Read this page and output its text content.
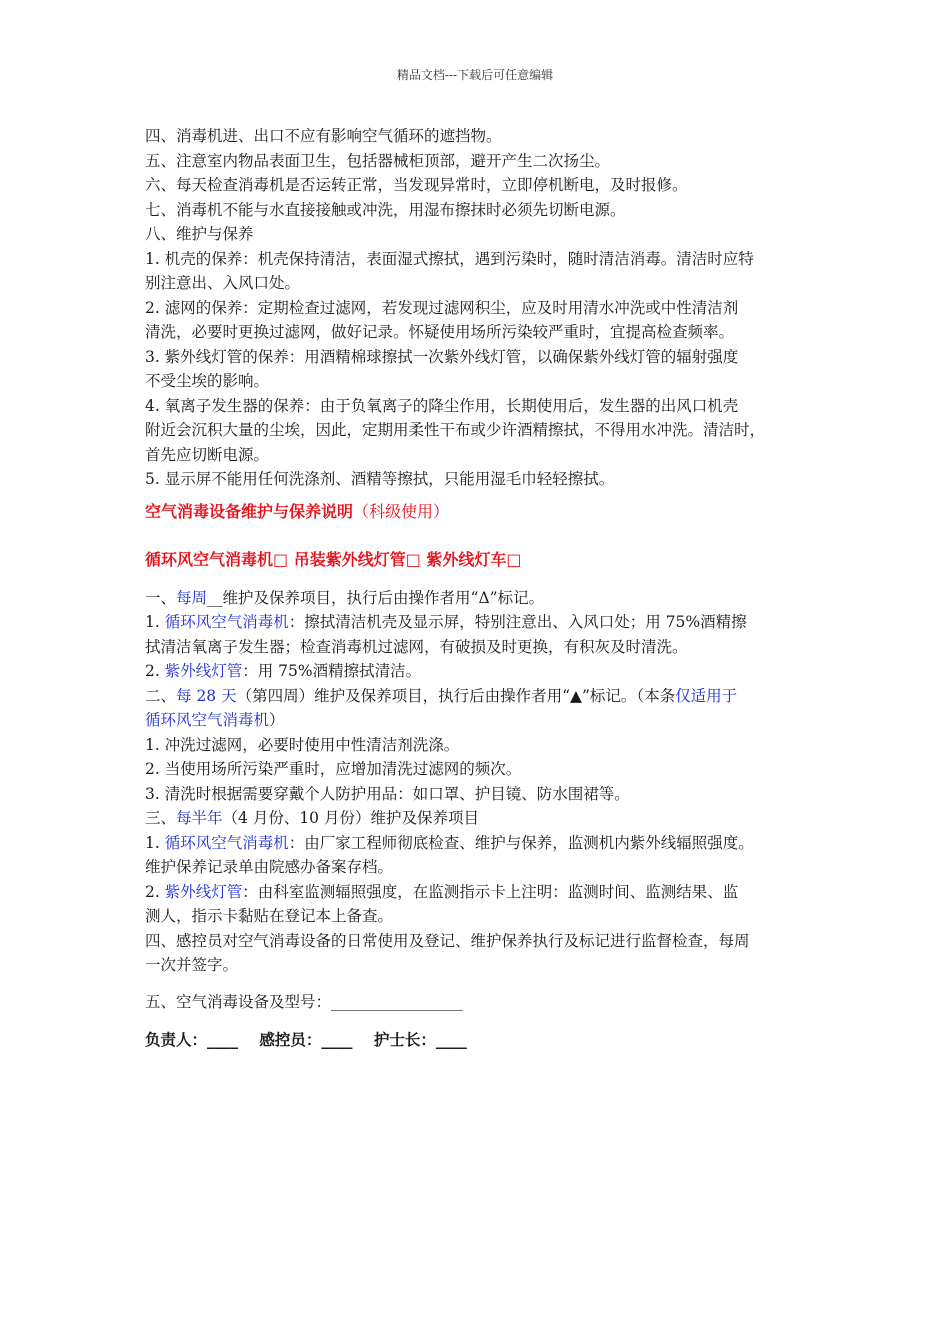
精品文档---下载后可任意编辑
四、消毒机进、出口不应有影响空气循环的遮挡物。
五、注意室内物品表面卫生，包括器械柜顶部，避开产生二次扬尘。
六、每天检查消毒机是否运转正常，当发现异常时，立即停机断电，及时报修。
七、消毒机不能与水直接接触或冲洗，用湿布擦抹时必须先切断电源。
八、维护与保养
1. 机壳的保养：机壳保持清洁，表面湿式擦拭，遇到污染时，随时清洁消毒。清洁时应特
别注意出、入风口处。
2. 滤网的保养：定期检查过滤网，若发现过滤网积尘，应及时用清水冲洗或中性清洁剂
清洗，必要时更换过滤网，做好记录。怀疑使用场所污染较严重时，宜提高检查频率。
3. 紫外线灯管的保养：用酒精棉球擦拭一次紫外线灯管，以确保紫外线灯管的辐射强度
不受尘埃的影响。
4. 氧离子发生器的保养：由于负氧离子的降尘作用，长期使用后，发生器的出风口机壳
附近会沉积大量的尘埃，因此，定期用柔性干布或少许酒精擦拭，不得用水冲洗。清洁时，
首先应切断电源。
5. 显示屏不能用任何洗涤剂、酒精等擦拭，只能用湿毛巾轻轻擦拭。
空气消毒设备维护与保养说明（科级使用）
循环风空气消毒机□ 吊装紫外线灯管□ 紫外线灯车□
一、每周__维护及保养项目，执行后由操作者用“Δ”标记。
1. 循环风空气消毒机：擦拭清洁机壳及显示屏，特别注意出、入风口处；用 75%酒精擦
拭清洁氧离子发生器；检查消毒机过滤网，有破损及时更换，有积灰及时清洗。
2. 紫外线灯管：用 75%酒精擦拭清洁。
二、每 28 天（第四周）维护及保养项目，执行后由操作者用“▲”标记。（本条仅适用于
循环风空气消毒机）
1. 冲洗过滤网，必要时使用中性清洁剂洗涤。
2. 当使用场所污染严重时，应增加清洗过滤网的频次。
3. 清洗时根据需要穿戴个人防护用品：如口罩、护目镜、防水围裙等。
三、每半年（4 月份、10 月份）维护及保养项目
1. 循环风空气消毒机：由厂家工程师彻底检查、维护与保养，监测机内紫外线辐照强度。
维护保养记录单由院感办备案存档。
2. 紫外线灯管：由科室监测辐照强度，在监测指示卡上注明：监测时间、监测结果、监
测人，指示卡黏贴在登记本上备查。
四、感控员对空气消毒设备的日常使用及登记、维护保养执行及标记进行监督检查，每周
一次并签字。
五、空气消毒设备及型号：_________________
负责人：____ 感控员：____ 护士长：____
